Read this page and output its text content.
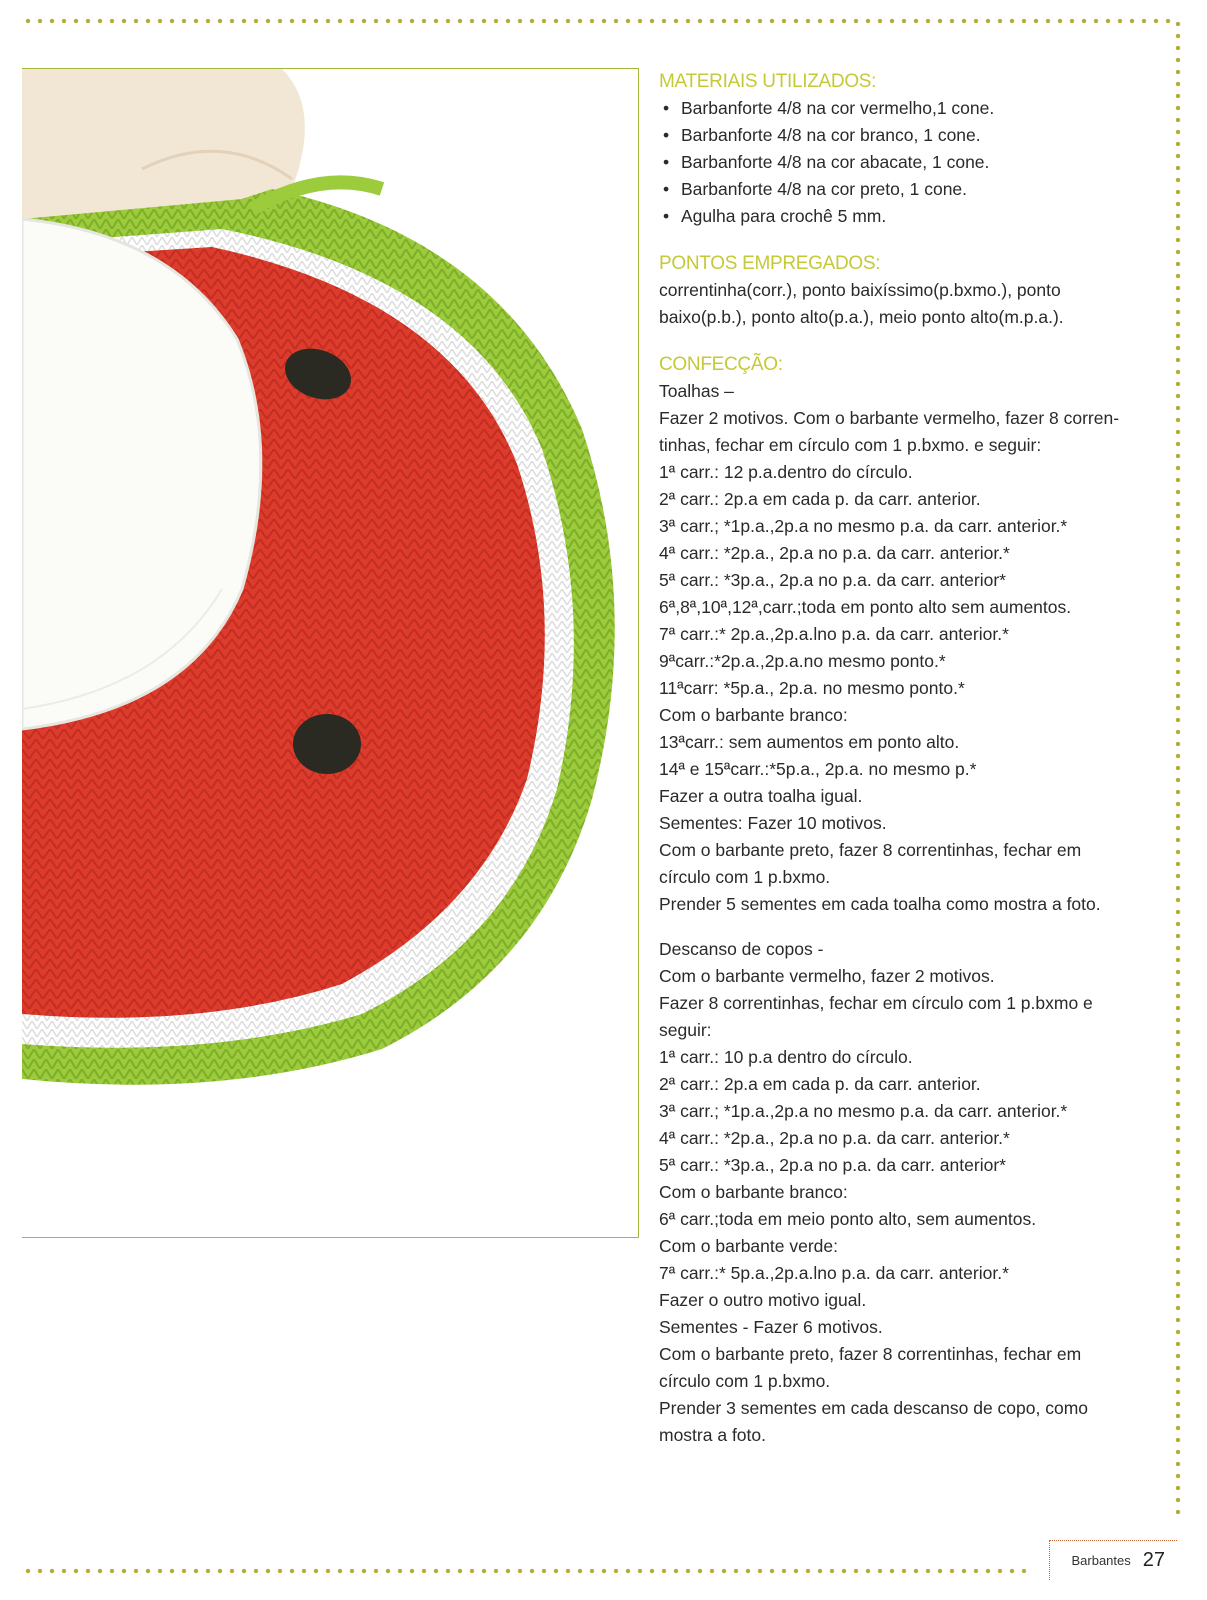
MATERIAIS UTILIZADOS:

• Barbanforte 4/8 na cor vermelho,1 cone.
• Barbanforte 4/8 na cor branco, 1 cone.
• Barbanforte 4/8 na cor abacate, 1 cone.
• Barbanforte 4/8 na cor preto, 1 cone.
• Agulha para crochê 5 mm.

PONTOS EMPREGADOS:

correntinha(corr.), ponto baixíssimo(p.bxmo.), ponto

baixo(p.b.), ponto alto(p.a.), meio ponto alto(m.p.a.).

CONFECÇÃO:

Toalhas –

Fazer 2 motivos. Com o barbante vermelho, fazer 8 corren-

tinhas, fechar em círculo com 1 p.bxmo. e seguir:

1ª carr.: 12 p.a.dentro do círculo.

2ª carr.: 2p.a em cada p. da carr. anterior.

3ª carr.; *1p.a.,2p.a no mesmo p.a. da carr. anterior.*

4ª carr.: *2p.a., 2p.a no p.a. da carr. anterior.*

5ª carr.: *3p.a., 2p.a no p.a. da carr. anterior*

6ª,8ª,10ª,12ª,carr.;toda em ponto alto sem aumentos.

7ª carr.:* 2p.a.,2p.a.lno p.a. da carr. anterior.*

9ªcarr.:*2p.a.,2p.a.no mesmo ponto.*

11ªcarr: *5p.a., 2p.a. no mesmo ponto.*

Com o barbante branco:

13ªcarr.: sem aumentos em ponto alto.

14ª e 15ªcarr.:*5p.a., 2p.a. no mesmo p.*

Fazer a outra toalha igual.

Sementes: Fazer 10 motivos.

Com o barbante preto, fazer 8 correntinhas, fechar em

círculo com 1 p.bxmo.

Prender 5 sementes em cada toalha como mostra a foto.

Descanso de copos -

Com o barbante vermelho, fazer 2 motivos.

Fazer 8 correntinhas, fechar em círculo com 1 p.bxmo e

seguir:

1ª carr.: 10 p.a dentro do círculo.

2ª carr.: 2p.a em cada p. da carr. anterior.

3ª carr.; *1p.a.,2p.a no mesmo p.a. da carr. anterior.*

4ª carr.: *2p.a., 2p.a no p.a. da carr. anterior.*

5ª carr.: *3p.a., 2p.a no p.a. da carr. anterior*

Com o barbante branco:

6ª carr.;toda em meio ponto alto, sem aumentos.

Com o barbante verde:

7ª carr.:* 5p.a.,2p.a.lno p.a. da carr. anterior.*

Fazer o outro motivo igual.

Sementes - Fazer 6 motivos.

Com o barbante preto, fazer 8 correntinhas, fechar em

círculo com 1 p.bxmo.

Prender 3 sementes em cada descanso de copo, como

mostra a foto.

Barbantes 27
